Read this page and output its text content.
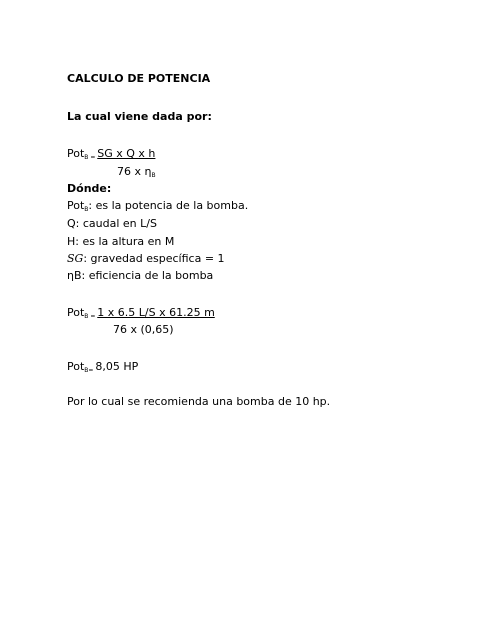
CALCULO DE POTENCIA
La cual viene dada por:
Pot$_B$ $_=$ SG x Q x h
76 x $\eta_B$
Dónde:
Pot$_B$: es la potencia de la bomba.
Q: caudal en L/S
H: es la altura en M
SG: gravedad específica = 1
ηB: eficiencia de la bomba
Pot$_B$ $_=$ 1 x 6.5 L/S x 61.25 m
76 x (0,65)
Pot$_{B=}$ 8,05 HP
Por lo cual se recomienda una bomba de 10 hp.
